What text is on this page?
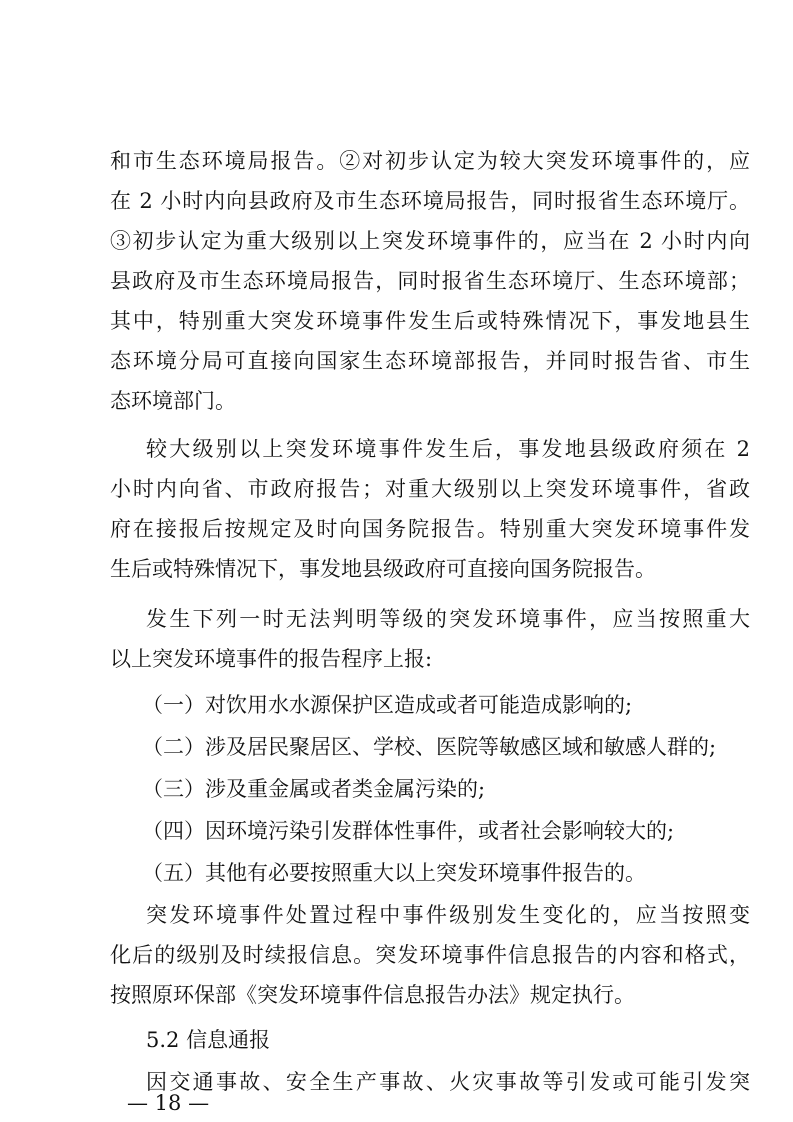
和市生态环境局报告。②对初步认定为较大突发环境事件的，应
在 2 小时内向县政府及市生态环境局报告，同时报省生态环境厅。
③初步认定为重大级别以上突发环境事件的，应当在 2 小时内向
县政府及市生态环境局报告，同时报省生态环境厅、生态环境部；
其中，特别重大突发环境事件发生后或特殊情况下，事发地县生
态环境分局可直接向国家生态环境部报告，并同时报告省、市生
态环境部门。
较大级别以上突发环境事件发生后，事发地县级政府须在 2
小时内向省、市政府报告；对重大级别以上突发环境事件，省政
府在接报后按规定及时向国务院报告。特别重大突发环境事件发
生后或特殊情况下，事发地县级政府可直接向国务院报告。
发生下列一时无法判明等级的突发环境事件，应当按照重大
以上突发环境事件的报告程序上报:
（一）对饮用水水源保护区造成或者可能造成影响的;
（二）涉及居民聚居区、学校、医院等敏感区域和敏感人群的;
（三）涉及重金属或者类金属污染的;
（四）因环境污染引发群体性事件，或者社会影响较大的;
（五）其他有必要按照重大以上突发环境事件报告的。
突发环境事件处置过程中事件级别发生变化的，应当按照变
化后的级别及时续报信息。突发环境事件信息报告的内容和格式，
按照原环保部《突发环境事件信息报告办法》规定执行。
5.2 信息通报
因交通事故、安全生产事故、火灾事故等引发或可能引发突
— 18 —
